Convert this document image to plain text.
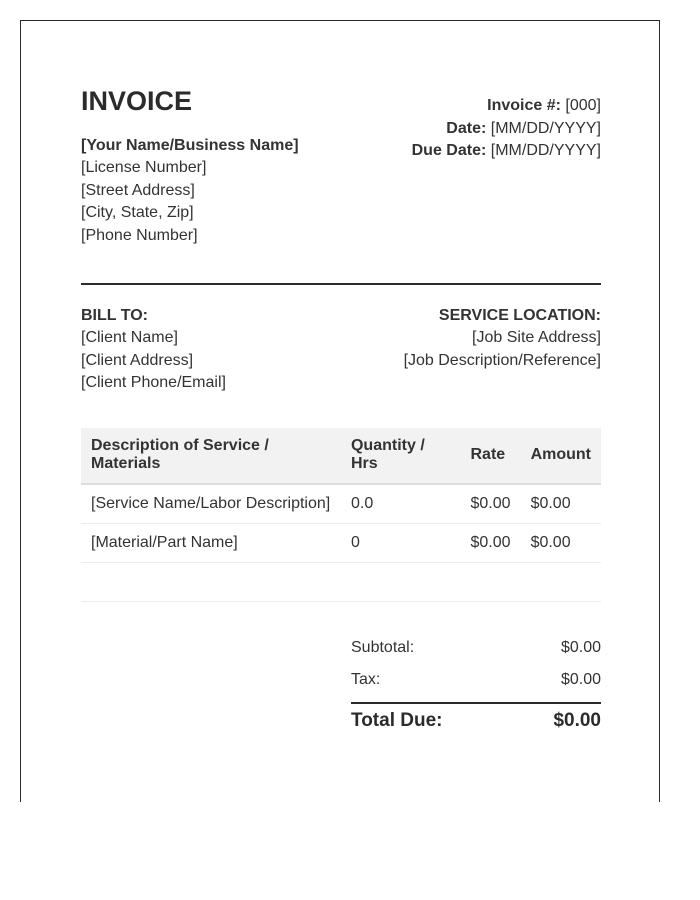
INVOICE
[Your Name/Business Name]
[License Number]
[Street Address]
[City, State, Zip]
[Phone Number]
Invoice #: [000]
Date: [MM/DD/YYYY]
Due Date: [MM/DD/YYYY]
BILL TO:
[Client Name]
[Client Address]
[Client Phone/Email]
SERVICE LOCATION:
[Job Site Address]
[Job Description/Reference]
Description of Service / Materials	Quantity / Hrs	Rate	Amount
[Service Name/Labor Description]	0.0	$0.00	$0.00
[Material/Part Name]	0	$0.00	$0.00

Subtotal:	$0.00
Tax:	$0.00
Total Due:	$0.00
